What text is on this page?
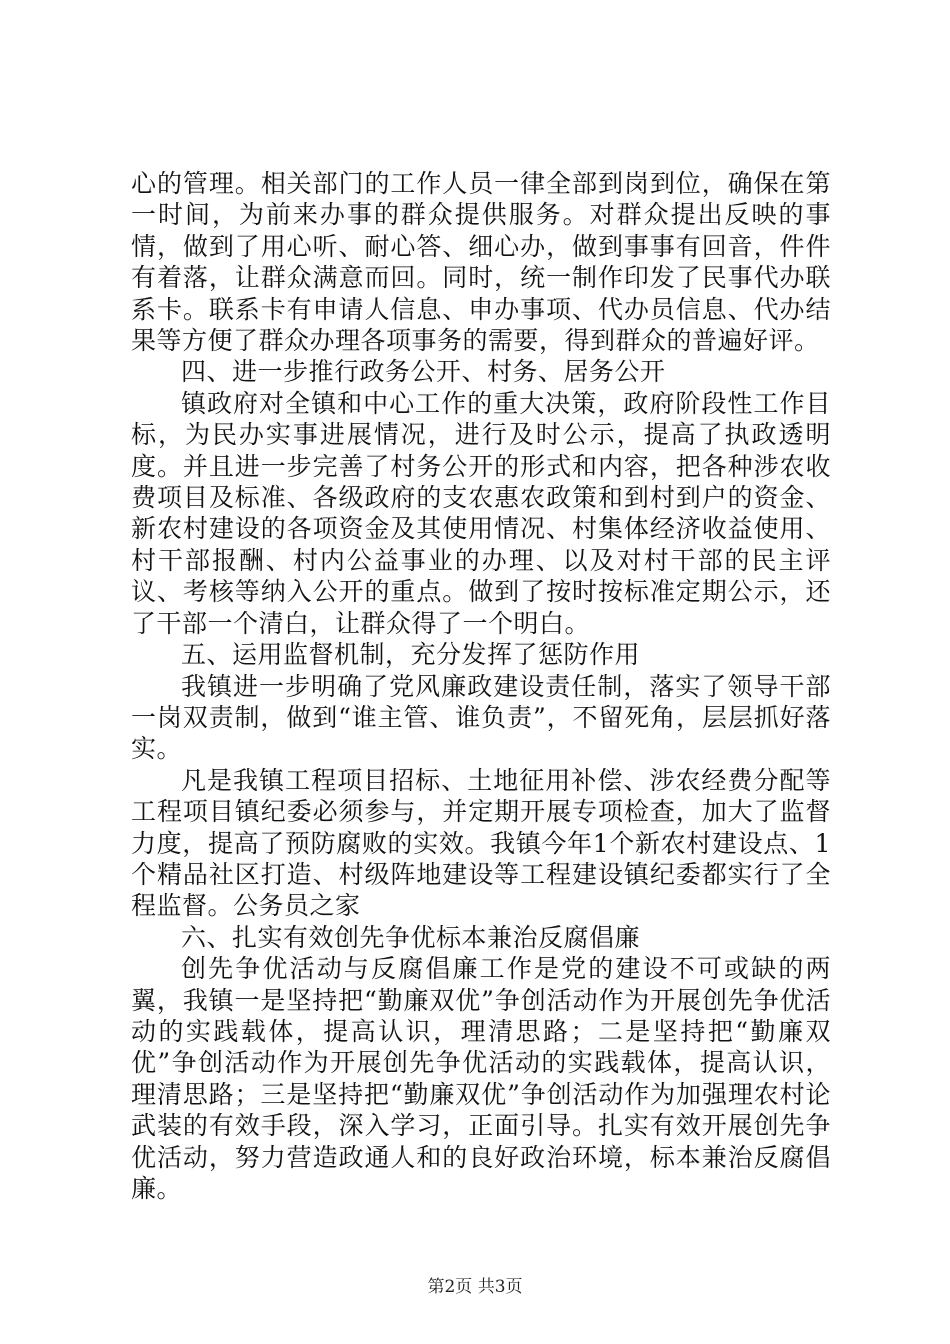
心的管理。相关部门的工作人员一律全部到岗到位，确保在第一时间，为前来办事的群众提供服务。对群众提出反映的事情，做到了用心听、耐心答、细心办，做到事事有回音，件件有着落，让群众满意而回。同时，统一制作印发了民事代办联系卡。联系卡有申请人信息、申办事项、代办员信息、代办结果等方便了群众办理各项事务的需要，得到群众的普遍好评。

四、进一步推行政务公开、村务、居务公开

镇政府对全镇和中心工作的重大决策，政府阶段性工作目标，为民办实事进展情况，进行及时公示，提高了执政透明度。并且进一步完善了村务公开的形式和内容，把各种涉农收费项目及标准、各级政府的支农惠农政策和到村到户的资金、新农村建设的各项资金及其使用情况、村集体经济收益使用、村干部报酬、村内公益事业的办理、以及对村干部的民主评议、考核等纳入公开的重点。做到了按时按标准定期公示，还了干部一个清白，让群众得了一个明白。

五、运用监督机制，充分发挥了惩防作用

我镇进一步明确了党风廉政建设责任制，落实了领导干部一岗双责制，做到“谁主管、谁负责”，不留死角，层层抓好落实。

凡是我镇工程项目招标、土地征用补偿、涉农经费分配等工程项目镇纪委必须参与，并定期开展专项检查，加大了监督力度，提高了预防腐败的实效。我镇今年1个新农村建设点、1个精品社区打造、村级阵地建设等工程建设镇纪委都实行了全程监督。公务员之家

六、扎实有效创先争优标本兼治反腐倡廉

创先争优活动与反腐倡廉工作是党的建设不可或缺的两翼，我镇一是坚持把“勤廉双优”争创活动作为开展创先争优活动的实践载体，提高认识，理清思路；二是坚持把“勤廉双优”争创活动作为开展创先争优活动的实践载体，提高认识，理清思路；三是坚持把“勤廉双优”争创活动作为加强理农村论武装的有效手段，深入学习，正面引导。扎实有效开展创先争优活动，努力营造政通人和的良好政治环境，标本兼治反腐倡廉。

第2页 共3页
